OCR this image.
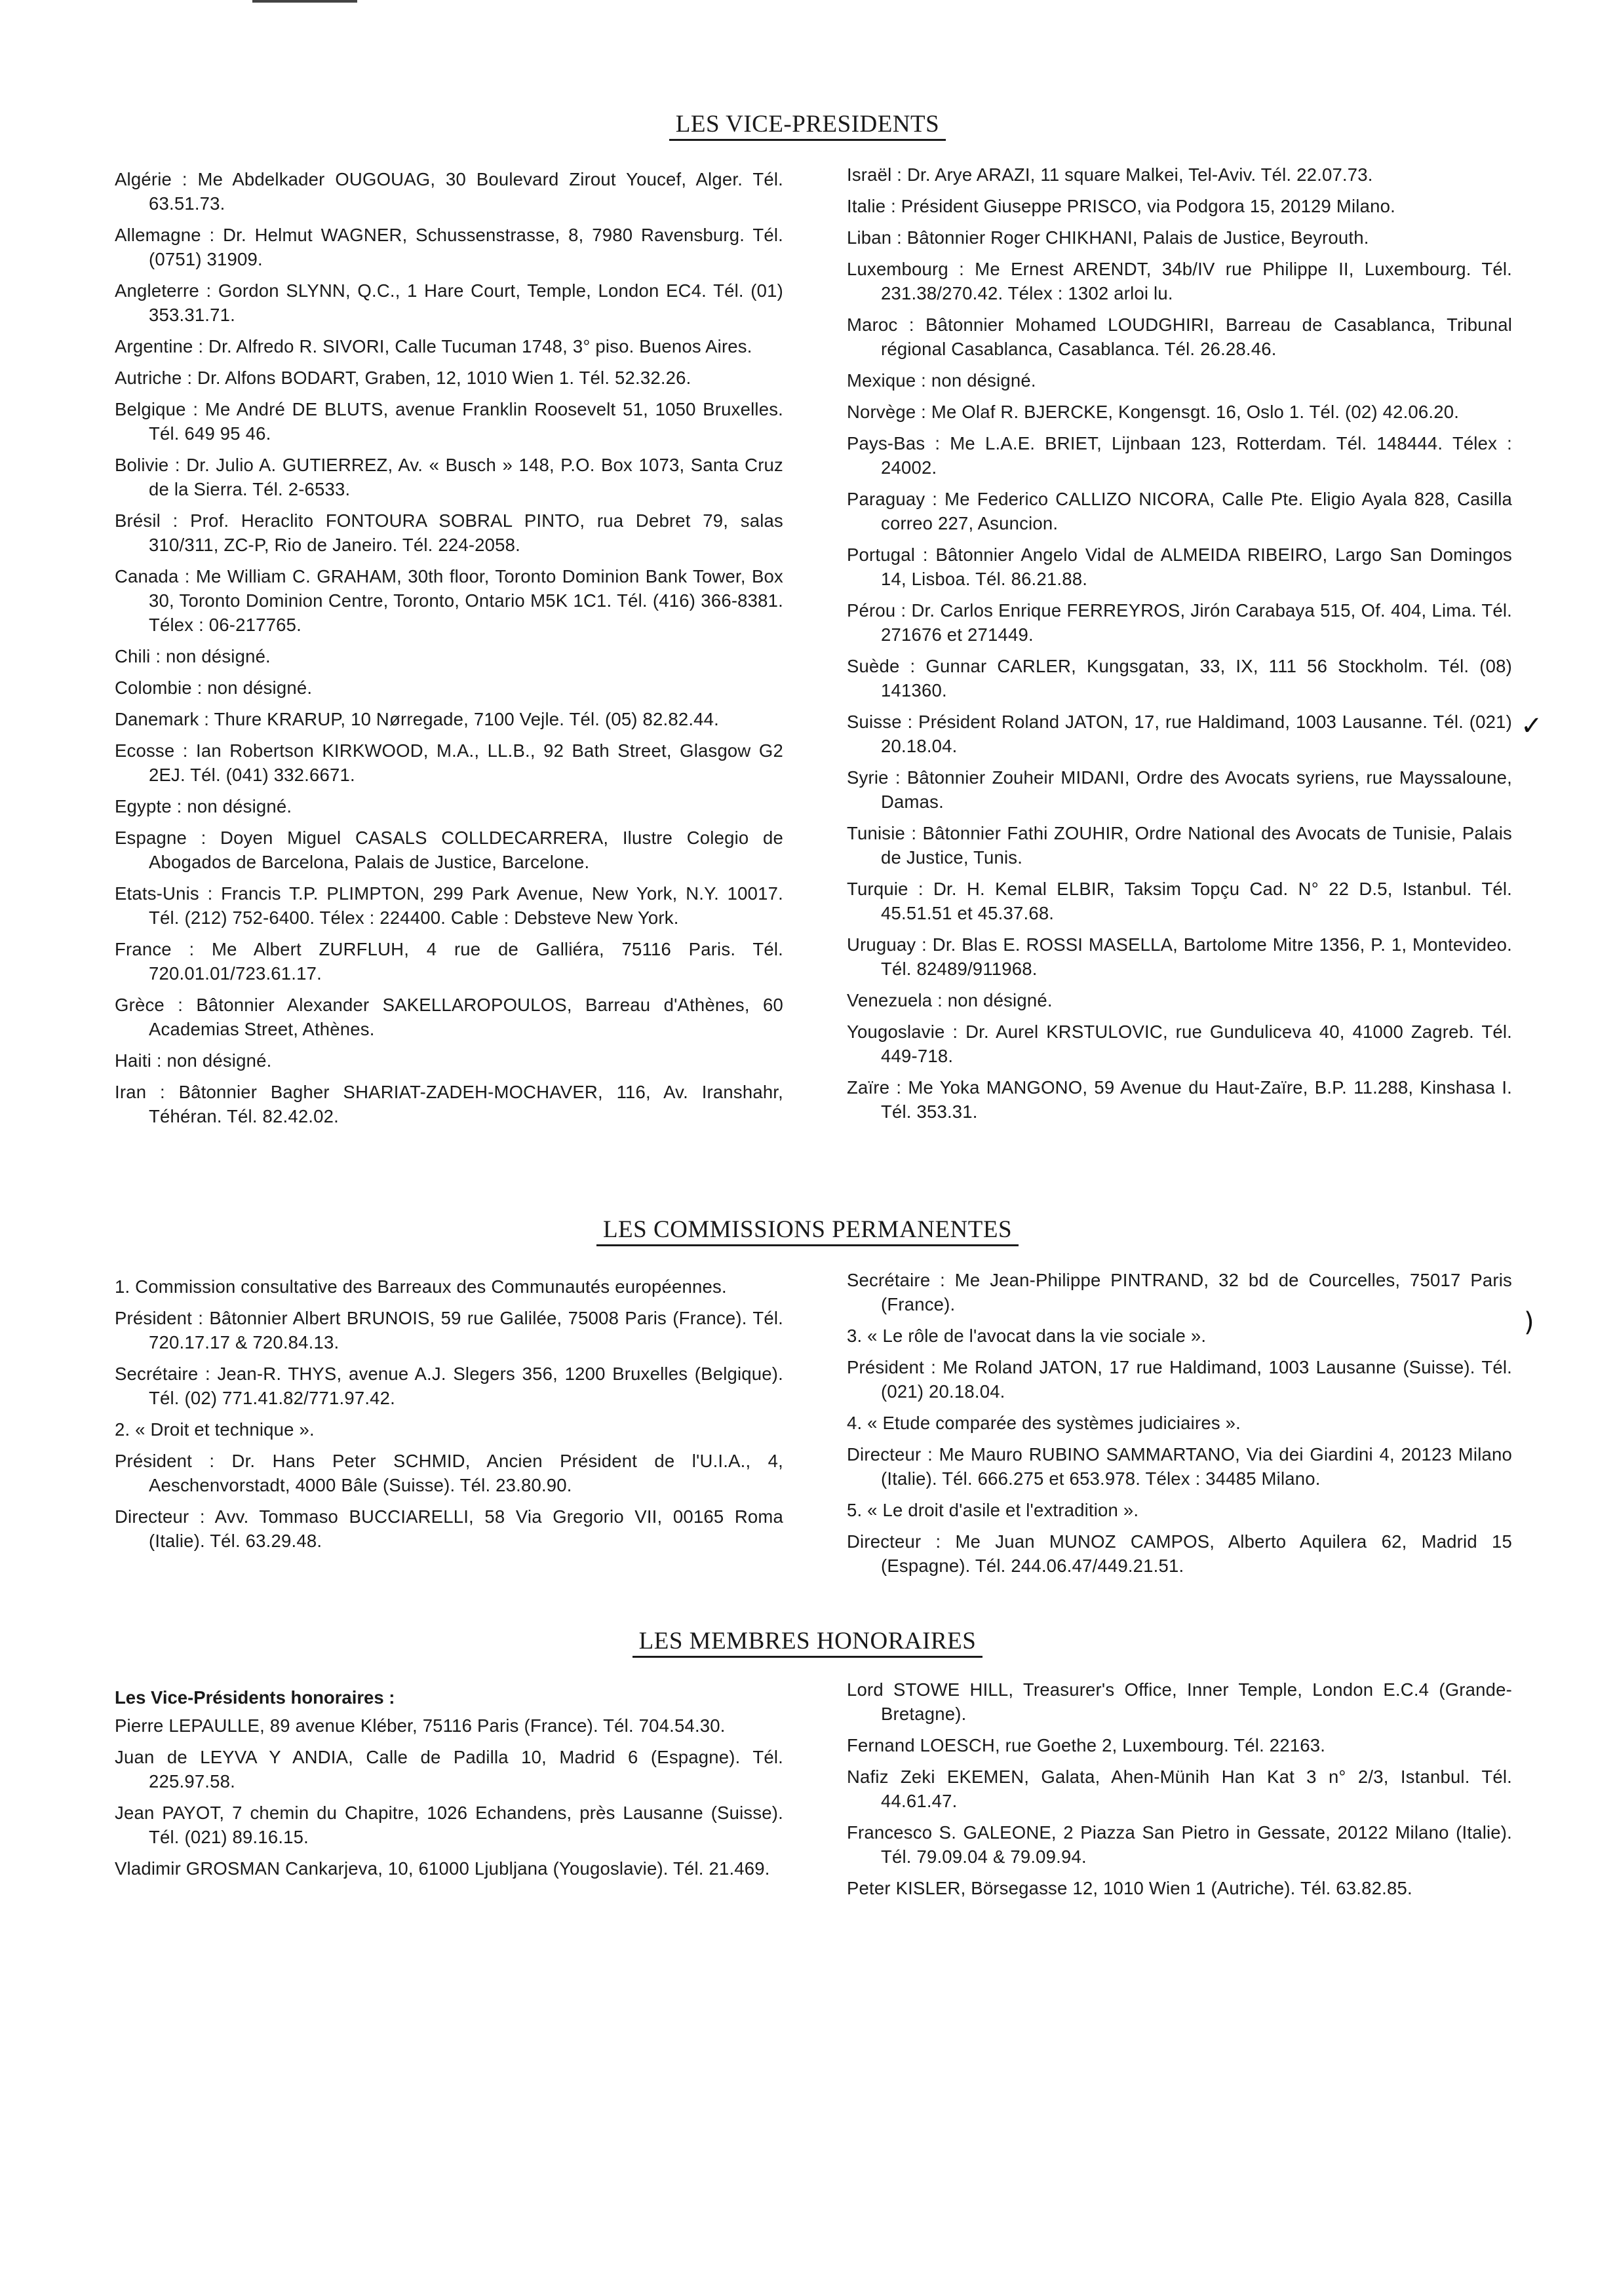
LES VICE-PRESIDENTS

Algérie : Me Abdelkader OUGOUAG, 30 Boulevard Zirout Youcef, Alger. Tél. 63.51.73.

Allemagne : Dr. Helmut WAGNER, Schussenstrasse, 8, 7980 Ravensburg. Tél. (0751) 31909.

Angleterre : Gordon SLYNN, Q.C., 1 Hare Court, Temple, London EC4. Tél. (01) 353.31.71.

Argentine : Dr. Alfredo R. SIVORI, Calle Tucuman 1748, 3° piso. Buenos Aires.

Autriche : Dr. Alfons BODART, Graben, 12, 1010 Wien 1. Tél. 52.32.26.

Belgique : Me André DE BLUTS, avenue Franklin Roosevelt 51, 1050 Bruxelles. Tél. 649 95 46.

Bolivie : Dr. Julio A. GUTIERREZ, Av. « Busch » 148, P.O. Box 1073, Santa Cruz de la Sierra. Tél. 2-6533.

Brésil : Prof. Heraclito FONTOURA SOBRAL PINTO, rua Debret 79, salas 310/311, ZC-P, Rio de Janeiro. Tél. 224-2058.

Canada : Me William C. GRAHAM, 30th floor, Toronto Dominion Bank Tower, Box 30, Toronto Dominion Centre, Toronto, Ontario M5K 1C1. Tél. (416) 366-8381. Télex : 06-217765.

Chili : non désigné.

Colombie : non désigné.

Danemark : Thure KRARUP, 10 Nørregade, 7100 Vejle. Tél. (05) 82.82.44.

Ecosse : Ian Robertson KIRKWOOD, M.A., LL.B., 92 Bath Street, Glasgow G2 2EJ. Tél. (041) 332.6671.

Egypte : non désigné.

Espagne : Doyen Miguel CASALS COLLDECARRERA, Ilustre Colegio de Abogados de Barcelona, Palais de Justice, Barcelone.

Etats-Unis : Francis T.P. PLIMPTON, 299 Park Avenue, New York, N.Y. 10017. Tél. (212) 752-6400. Télex : 224400. Cable : Debsteve New York.

France : Me Albert ZURFLUH, 4 rue de Galliéra, 75116 Paris. Tél. 720.01.01/723.61.17.

Grèce : Bâtonnier Alexander SAKELLAROPOULOS, Barreau d'Athènes, 60 Academias Street, Athènes.

Haiti : non désigné.

Iran : Bâtonnier Bagher SHARIAT-ZADEH-MOCHAVER, 116, Av. Iranshahr, Téhéran. Tél. 82.42.02.

Israël : Dr. Arye ARAZI, 11 square Malkei, Tel-Aviv. Tél. 22.07.73.

Italie : Président Giuseppe PRISCO, via Podgora 15, 20129 Milano.

Liban : Bâtonnier Roger CHIKHANI, Palais de Justice, Beyrouth.

Luxembourg : Me Ernest ARENDT, 34b/IV rue Philippe II, Luxembourg. Tél. 231.38/270.42. Télex : 1302 arloi lu.

Maroc : Bâtonnier Mohamed LOUDGHIRI, Barreau de Casablanca, Tribunal régional Casablanca, Casablanca. Tél. 26.28.46.

Mexique : non désigné.

Norvège : Me Olaf R. BJERCKE, Kongensgt. 16, Oslo 1. Tél. (02) 42.06.20.

Pays-Bas : Me L.A.E. BRIET, Lijnbaan 123, Rotterdam. Tél. 148444. Télex : 24002.

Paraguay : Me Federico CALLIZO NICORA, Calle Pte. Eligio Ayala 828, Casilla correo 227, Asuncion.

Portugal : Bâtonnier Angelo Vidal de ALMEIDA RIBEIRO, Largo San Domingos 14, Lisboa. Tél. 86.21.88.

Pérou : Dr. Carlos Enrique FERREYROS, Jirón Carabaya 515, Of. 404, Lima. Tél. 271676 et 271449.

Suède : Gunnar CARLER, Kungsgatan, 33, IX, 111 56 Stockholm. Tél. (08) 141360.

Suisse : Président Roland JATON, 17, rue Haldimand, 1003 Lausanne. Tél. (021) 20.18.04.

Syrie : Bâtonnier Zouheir MIDANI, Ordre des Avocats syriens, rue Mayssaloune, Damas.

Tunisie : Bâtonnier Fathi ZOUHIR, Ordre National des Avocats de Tunisie, Palais de Justice, Tunis.

Turquie : Dr. H. Kemal ELBIR, Taksim Topçu Cad. N° 22 D.5, Istanbul. Tél. 45.51.51 et 45.37.68.

Uruguay : Dr. Blas E. ROSSI MASELLA, Bartolome Mitre 1356, P. 1, Montevideo. Tél. 82489/911968.

Venezuela : non désigné.

Yougoslavie : Dr. Aurel KRSTULOVIC, rue Gunduliceva 40, 41000 Zagreb. Tél. 449-718.

Zaïre : Me Yoka MANGONO, 59 Avenue du Haut-Zaïre, B.P. 11.288, Kinshasa I. Tél. 353.31.

LES COMMISSIONS PERMANENTES

1. Commission consultative des Barreaux des Communautés européennes.

Président : Bâtonnier Albert BRUNOIS, 59 rue Galilée, 75008 Paris (France). Tél. 720.17.17 & 720.84.13.

Secrétaire : Jean-R. THYS, avenue A.J. Slegers 356, 1200 Bruxelles (Belgique). Tél. (02) 771.41.82/771.97.42.

2. « Droit et technique ».

Président : Dr. Hans Peter SCHMID, Ancien Président de l'U.I.A., 4, Aeschenvorstadt, 4000 Bâle (Suisse). Tél. 23.80.90.

Directeur : Avv. Tommaso BUCCIARELLI, 58 Via Gregorio VII, 00165 Roma (Italie). Tél. 63.29.48.

Secrétaire : Me Jean-Philippe PINTRAND, 32 bd de Courcelles, 75017 Paris (France).

3. « Le rôle de l'avocat dans la vie sociale ».

Président : Me Roland JATON, 17 rue Haldimand, 1003 Lausanne (Suisse). Tél. (021) 20.18.04.

4. « Etude comparée des systèmes judiciaires ».

Directeur : Me Mauro RUBINO SAMMARTANO, Via dei Giardini 4, 20123 Milano (Italie). Tél. 666.275 et 653.978. Télex : 34485 Milano.

5. « Le droit d'asile et l'extradition ».

Directeur : Me Juan MUNOZ CAMPOS, Alberto Aquilera 62, Madrid 15 (Espagne). Tél. 244.06.47/449.21.51.

LES MEMBRES HONORAIRES
Les Vice-Présidents honoraires :

Pierre LEPAULLE, 89 avenue Kléber, 75116 Paris (France). Tél. 704.54.30.

Juan de LEYVA Y ANDIA, Calle de Padilla 10, Madrid 6 (Espagne). Tél. 225.97.58.

Jean PAYOT, 7 chemin du Chapitre, 1026 Echandens, près Lausanne (Suisse). Tél. (021) 89.16.15.

Vladimir GROSMAN Cankarjeva, 10, 61000 Ljubljana (Yougoslavie). Tél. 21.469.

Lord STOWE HILL, Treasurer's Office, Inner Temple, London E.C.4 (Grande-Bretagne).

Fernand LOESCH, rue Goethe 2, Luxembourg. Tél. 22163.

Nafiz Zeki EKEMEN, Galata, Ahen-Münih Han Kat 3 n° 2/3, Istanbul. Tél. 44.61.47.

Francesco S. GALEONE, 2 Piazza San Pietro in Gessate, 20122 Milano (Italie). Tél. 79.09.04 & 79.09.94.

Peter KISLER, Börsegasse 12, 1010 Wien 1 (Autriche). Tél. 63.82.85.

✓
)
